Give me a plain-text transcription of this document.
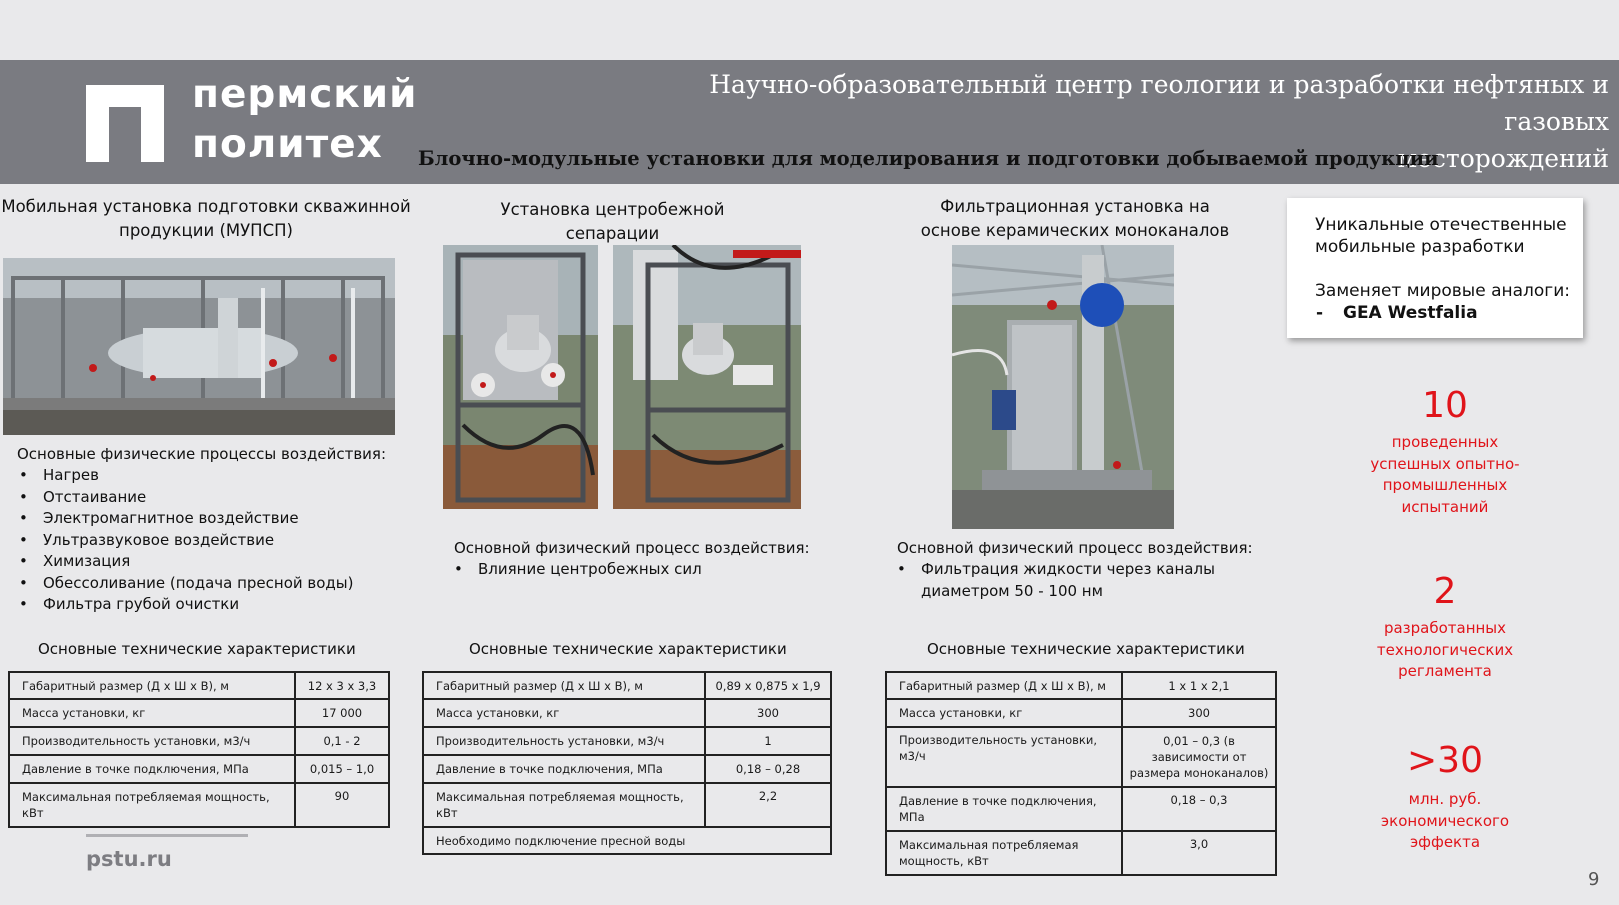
пермский
политех
Научно-образовательный центр геологии и разработки нефтяных и газовых
месторождений
Блочно-модульные установки для моделирования и подготовки добываемой продукции
Мобильная установка подготовки скважинной
продукции (МУПСП)
Основные физические процессы воздействия:
• Нагрев
• Отстаивание
• Электромагнитное воздействие
• Ультразвуковое воздействие
• Химизация
• Обессоливание (подача пресной воды)
• Фильтра грубой очистки
Основные технические характеристики
Габаритный размер (Д х Ш х В), м	12 х 3 х 3,3
Масса установки, кг	17 000
Производительность установки, м3/ч	0,1 - 2
Давление в точке подключения, МПа	0,015 – 1,0
Максимальная потребляемая мощность, кВт	90
Установка центробежной
сепарации
Основной физический процесс воздействия:
• Влияние центробежных сил
Основные технические характеристики
Габаритный размер (Д х Ш х В), м	0,89 х 0,875 х 1,9
Масса установки, кг	300
Производительность установки, м3/ч	1
Давление в точке подключения, МПа	0,18 – 0,28
Максимальная потребляемая мощность, кВт	2,2
Необходимо подключение пресной воды	
Фильтрационная установка на
основе керамических моноканалов
Основной физический процесс воздействия:
• Фильтрация жидкости через каналы
диаметром 50 - 100 нм
Основные технические характеристики
Габаритный размер (Д х Ш х В), м	1 х 1 х 2,1
Масса установки, кг	300
Производительность установки, м3/ч	0,01 – 0,3 (в зависимости от размера моноканалов)
Давление в точке подключения, МПа	0,18 – 0,3
Максимальная потребляемая мощность, кВт	3,0
Уникальные отечественные
мобильные разработки
Заменяет мировые аналоги:
- GEA Westfalia
10
проведенных
успешных опытно-
промышленных
испытаний
2
разработанных
технологических
регламента
>30
млн. руб.
экономического
эффекта
pstu.ru
9
